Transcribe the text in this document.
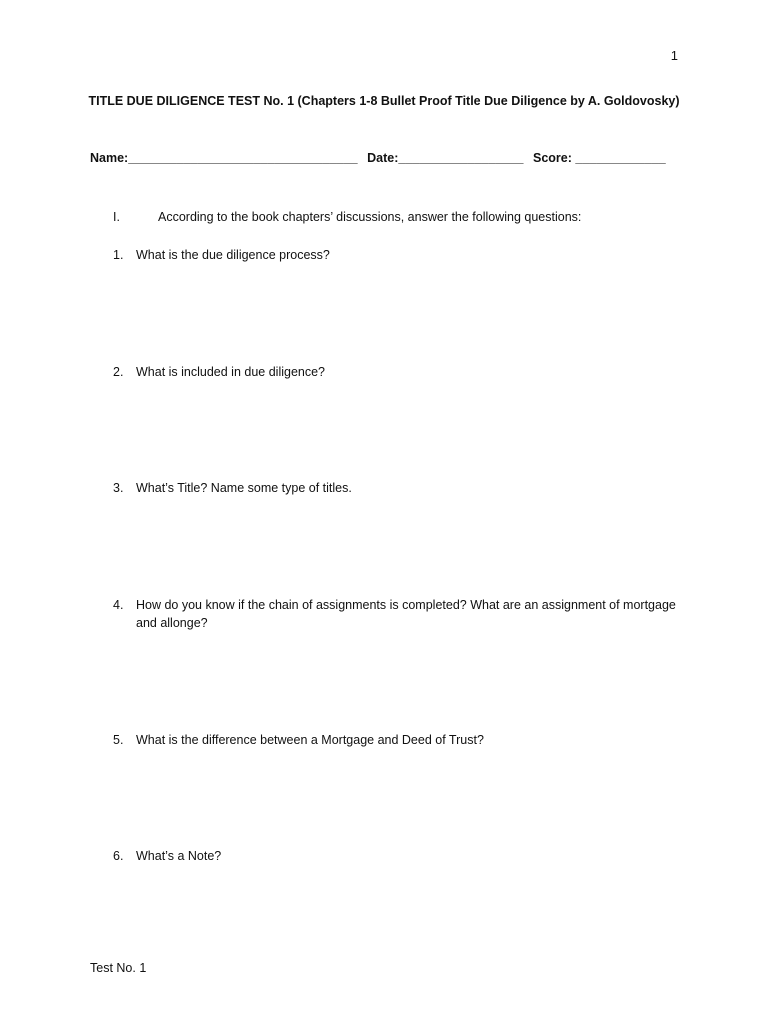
1
TITLE DUE DILIGENCE TEST No. 1 (Chapters 1-8 Bullet Proof Title Due Diligence by A. Goldovosky)
Name:_________________________________ Date:__________________ Score: _____________
I.	According to the book chapters’ discussions, answer the following questions:
1.	What is the due diligence process?
2.	What is included in due diligence?
3.	What’s Title? Name some type of titles.
4.	How do you know if the chain of assignments is completed? What are an assignment of mortgage and allonge?
5.	What is the difference between a Mortgage and Deed of Trust?
6.	What’s a Note?
Test No. 1
